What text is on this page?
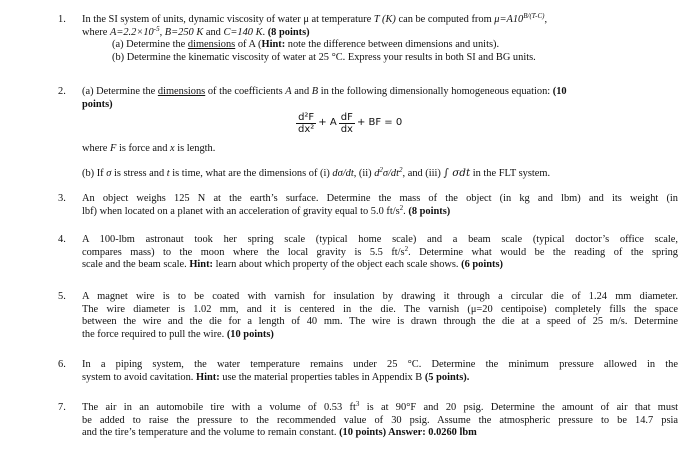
1. In the SI system of units, dynamic viscosity of water μ at temperature T (K) can be computed from $\mu=A10^{B/(T-C)}$,
where $A=2.2\times 10^{-5}$, B=250 K and C=140 K. (8 points)
(a) Determine the dimensions of A (Hint: note the difference between dimensions and units).
(b) Determine the kinematic viscosity of water at 25 °C. Express your results in both SI and BG units.
2. (a) Determine the dimensions of the coefficients A and B in the following dimensionally homogeneous equation: (10
points)
$\frac{\text{d²F}}{\text{dx²}} + A \frac{dF}{dx}$ + BF = 0
where F is force and x is length.
(b) If σ is stress and t is time, what are the dimensions of (i) dσ/dt, (ii) $d^2\sigma/dt^2$, and (iii) ∫ σdt in the FLT system.
3. An object weighs 125 N at the earth’s surface. Determine the mass of the object (in kg and lbm) and its weight (in
lbf) when located on a planet with an acceleration of gravity equal to 5.0 $ft/s^2$. (8 points)
4. A 100-lbm astronaut took her spring scale (typical home scale) and a beam scale (typical doctor’s office scale,
compares mass) to the moon where the local gravity is 5.5 $ft/s^2$. Determine what would be the reading of the spring
scale and the beam scale. Hint: learn about which property of the object each scale shows. (6 points)
5. A magnet wire is to be coated with varnish for insulation by drawing it through a circular die of 1.24 mm diameter.
The wire diameter is 1.02 mm, and it is centered in the die. The varnish (μ=20 centipoise) completely fills the space
between the wire and the die for a length of 40 mm. The wire is drawn through the die at a speed of 25 m/s. Determine
the force required to pull the wire. (10 points)
6. In a piping system, the water temperature remains under 25 °C. Determine the minimum pressure allowed in the
system to avoid cavitation. Hint: use the material properties tables in Appendix B (5 points).
7. The air in an automobile tire with a volume of 0.53 $ft^3$ is at 90°F and 20 psig. Determine the amount of air that must
be added to raise the pressure to the recommended value of 30 psig. Assume the atmospheric pressure to be 14.7 psia
and the tire’s temperature and the volume to remain constant. (10 points) Answer: 0.0260 lbm
